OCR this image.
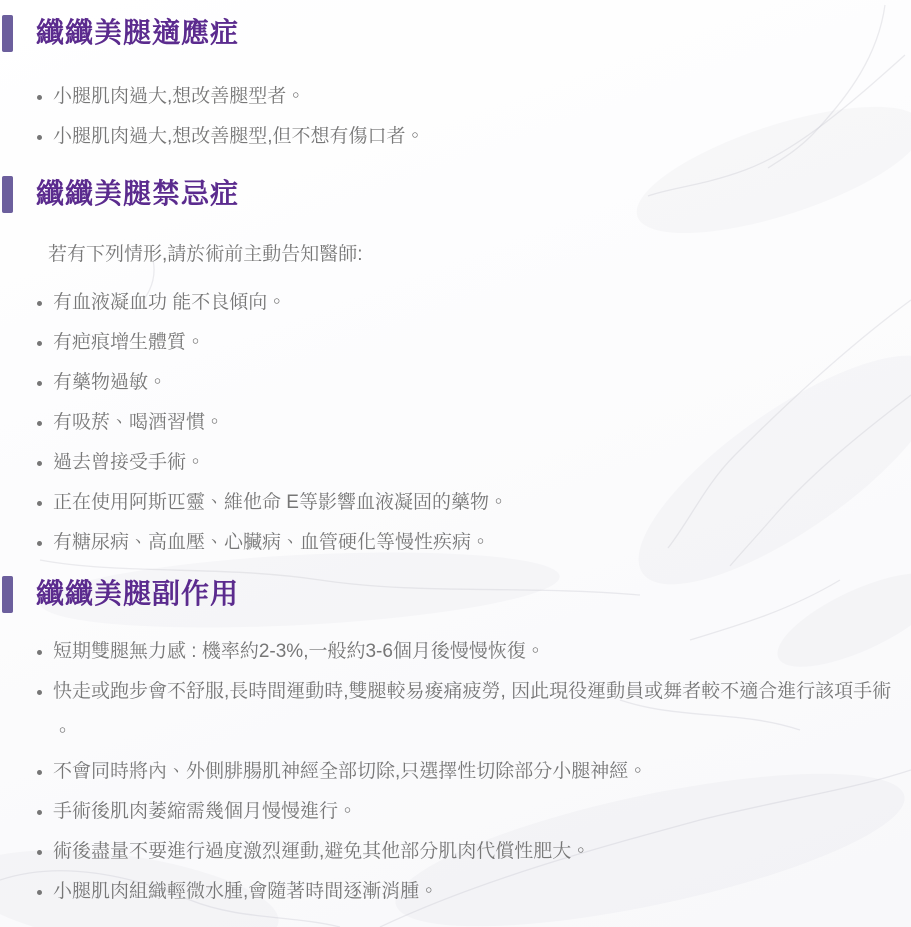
纖纖美腿適應症
小腿肌肉過大,想改善腿型者。
小腿肌肉過大,想改善腿型,但不想有傷口者。
纖纖美腿禁忌症

若有下列情形,請於術前主動告知醫師:

有血液凝血功 能不良傾向。
有疤痕增生體質。
有藥物過敏。
有吸菸、喝酒習慣。
過去曾接受手術。
正在使用阿斯匹靈、維他命 E等影響血液凝固的藥物。
有糖尿病、高血壓、心臟病、血管硬化等慢性疾病。
纖纖美腿副作用
短期雙腿無力感 : 機率約2-3%,一般約3-6個月後慢慢恢復。
快走或跑步會不舒服,長時間運動時,雙腿較易痠痛疲勞, 因此現役運動員或舞者較不適合進行該項手術 。
不會同時將內、外側腓腸肌神經全部切除,只選擇性切除部分小腿神經。
手術後肌肉萎縮需幾個月慢慢進行。
術後盡量不要進行過度激烈運動,避免其他部分肌肉代償性肥大。
小腿肌肉組織輕微水腫,會隨著時間逐漸消腫。
